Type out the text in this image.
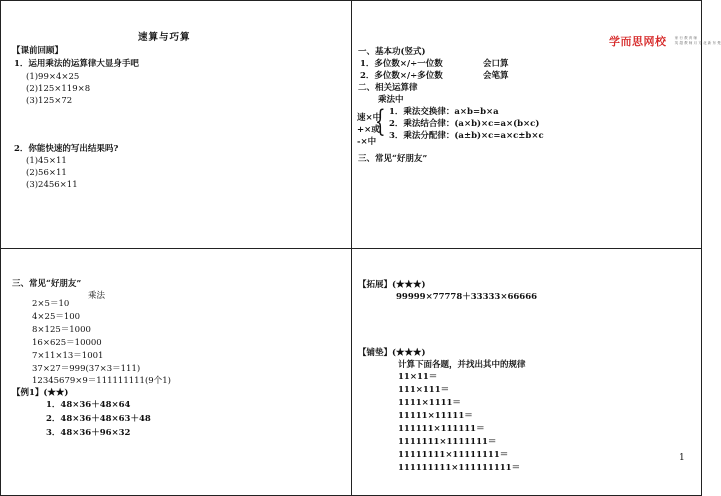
速算与巧算
【课前回顾】
1．运用乘法的运算律大显身手吧
(1)99×4×25
(2)125×119×8
(3)125×72
2．你能快速的写出结果吗?
(1)45×11
(2)56×11
(3)2456×11
学而思网校 家 行 教 育 师
英 超 教 师 月 方 北 新 东 楚
一、基本功(竖式)
1．多位数×/÷一位数	会口算
2．多位数×/÷多位数	会笔算
二、相关运算律
乘法中
速×中
+×或
-×中
{ 1．乘法交换律：a×b=b×a
2．乘法结合律：(a×b)×c=a×(b×c)
3．乘法分配律：(a±b)×c=a×c±b×c
三、常见“好朋友”
三、常见“好朋友”
乘法
2×5＝10
4×25＝100
8×125＝1000
16×625＝10000
7×11×13＝1001
37×27＝999(37×3＝111)
12345679×9＝111111111(9个1)
【例1】(★★)
1．48×36＋48×64
2．48×36＋48×63＋48
3．48×36＋96×32
【拓展】(★★★)
99999×77778＋33333×66666
【铺垫】(★★★)
计算下面各题，并找出其中的规律
11×11＝
111×111＝
1111×1111＝
11111×11111＝
111111×111111＝
1111111×1111111＝
11111111×11111111＝
111111111×111111111＝
1
